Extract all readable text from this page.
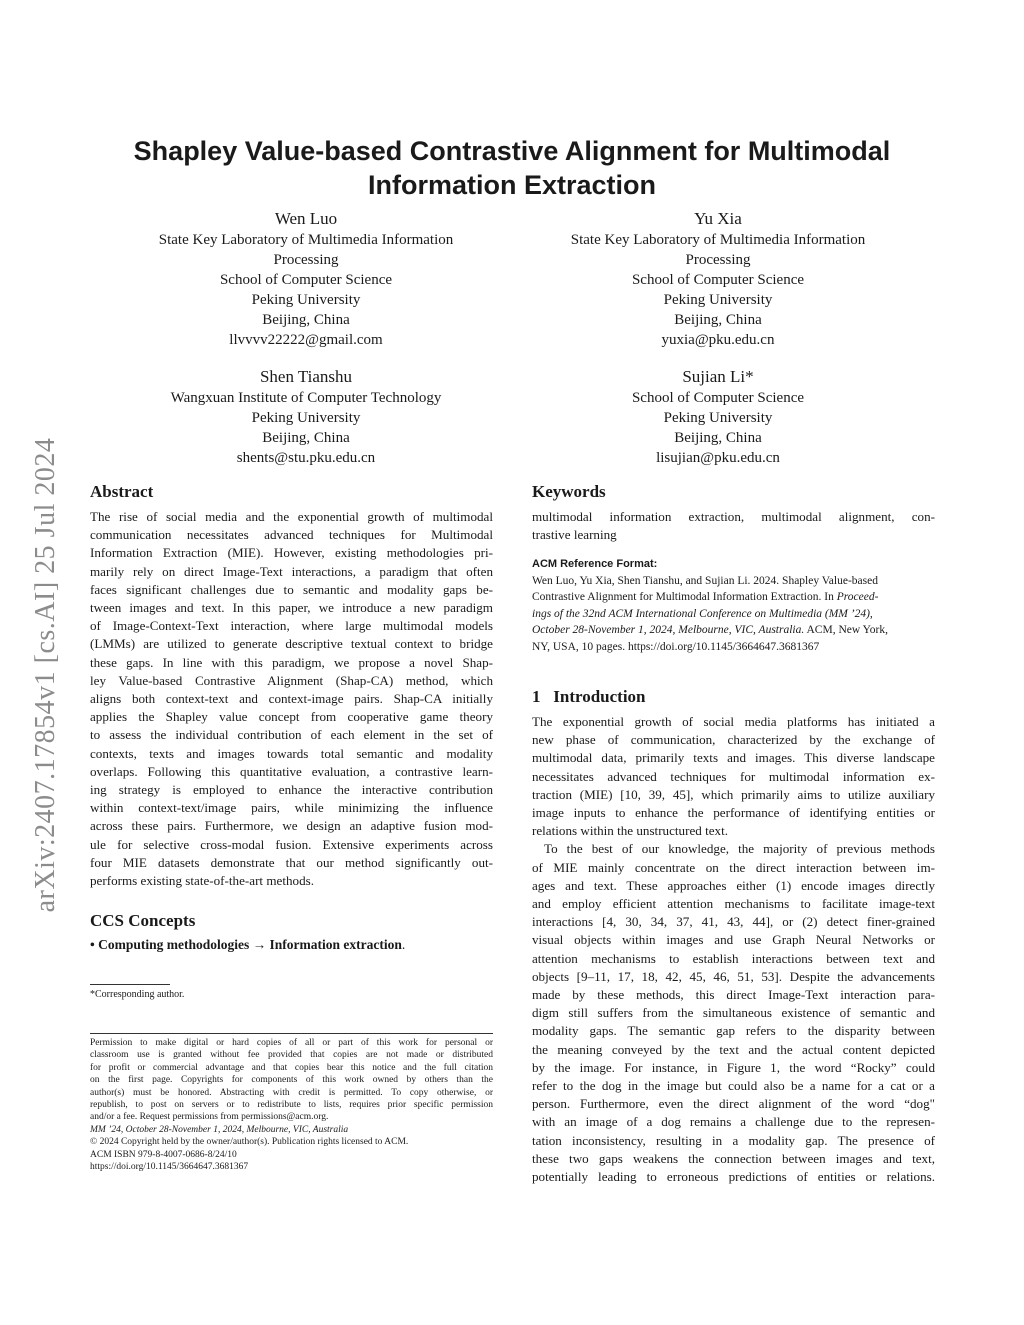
arXiv:2407.17854v1 [cs.AI] 25 Jul 2024
Shapley Value-based Contrastive Alignment for Multimodal
Information Extraction
Wen Luo
State Key Laboratory of Multimedia Information
Processing
School of Computer Science
Peking University
Beijing, China
llvvvv22222@gmail.com
Yu Xia
State Key Laboratory of Multimedia Information
Processing
School of Computer Science
Peking University
Beijing, China
yuxia@pku.edu.cn
Shen Tianshu
Wangxuan Institute of Computer Technology
Peking University
Beijing, China
shents@stu.pku.edu.cn
Sujian Li*
School of Computer Science
Peking University
Beijing, China
lisujian@pku.edu.cn
Abstract
The rise of social media and the exponential growth of multimodal
communication necessitates advanced techniques for Multimodal
Information Extraction (MIE). However, existing methodologies pri-
marily rely on direct Image-Text interactions, a paradigm that often
faces significant challenges due to semantic and modality gaps be-
tween images and text. In this paper, we introduce a new paradigm
of Image-Context-Text interaction, where large multimodal models
(LMMs) are utilized to generate descriptive textual context to bridge
these gaps. In line with this paradigm, we propose a novel Shap-
ley Value-based Contrastive Alignment (Shap-CA) method, which
aligns both context-text and context-image pairs. Shap-CA initially
applies the Shapley value concept from cooperative game theory
to assess the individual contribution of each element in the set of
contexts, texts and images towards total semantic and modality
overlaps. Following this quantitative evaluation, a contrastive learn-
ing strategy is employed to enhance the interactive contribution
within context-text/image pairs, while minimizing the influence
across these pairs. Furthermore, we design an adaptive fusion mod-
ule for selective cross-modal fusion. Extensive experiments across
four MIE datasets demonstrate that our method significantly out-
performs existing state-of-the-art methods.
CCS Concepts
• Computing methodologies → Information extraction.
*Corresponding author.
Permission to make digital or hard copies of all or part of this work for personal or
classroom use is granted without fee provided that copies are not made or distributed
for profit or commercial advantage and that copies bear this notice and the full citation
on the first page. Copyrights for components of this work owned by others than the
author(s) must be honored. Abstracting with credit is permitted. To copy otherwise, or
republish, to post on servers or to redistribute to lists, requires prior specific permission
and/or a fee. Request permissions from permissions@acm.org.
MM ’24, October 28-November 1, 2024, Melbourne, VIC, Australia
© 2024 Copyright held by the owner/author(s). Publication rights licensed to ACM.
ACM ISBN 979-8-4007-0686-8/24/10
https://doi.org/10.1145/3664647.3681367
Keywords
multimodal information extraction, multimodal alignment, con-
trastive learning
ACM Reference Format:
Wen Luo, Yu Xia, Shen Tianshu, and Sujian Li. 2024. Shapley Value-based
Contrastive Alignment for Multimodal Information Extraction. In Proceed-
ings of the 32nd ACM International Conference on Multimedia (MM ’24),
October 28-November 1, 2024, Melbourne, VIC, Australia. ACM, New York,
NY, USA, 10 pages. https://doi.org/10.1145/3664647.3681367
1 Introduction
The exponential growth of social media platforms has initiated a
new phase of communication, characterized by the exchange of
multimodal data, primarily texts and images. This diverse landscape
necessitates advanced techniques for multimodal information ex-
traction (MIE) [10, 39, 45], which primarily aims to utilize auxiliary
image inputs to enhance the performance of identifying entities or
relations within the unstructured text.
To the best of our knowledge, the majority of previous methods
of MIE mainly concentrate on the direct interaction between im-
ages and text. These approaches either (1) encode images directly
and employ efficient attention mechanisms to facilitate image-text
interactions [4, 30, 34, 37, 41, 43, 44], or (2) detect finer-grained
visual objects within images and use Graph Neural Networks or
attention mechanisms to establish interactions between text and
objects [9–11, 17, 18, 42, 45, 46, 51, 53]. Despite the advancements
made by these methods, this direct Image-Text interaction para-
digm still suffers from the simultaneous existence of semantic and
modality gaps. The semantic gap refers to the disparity between
the meaning conveyed by the text and the actual content depicted
by the image. For instance, in Figure 1, the word “Rocky” could
refer to the dog in the image but could also be a name for a cat or a
person. Furthermore, even the direct alignment of the word “dog"
with an image of a dog remains a challenge due to the represen-
tation inconsistency, resulting in a modality gap. The presence of
these two gaps weakens the connection between images and text,
potentially leading to erroneous predictions of entities or relations.
